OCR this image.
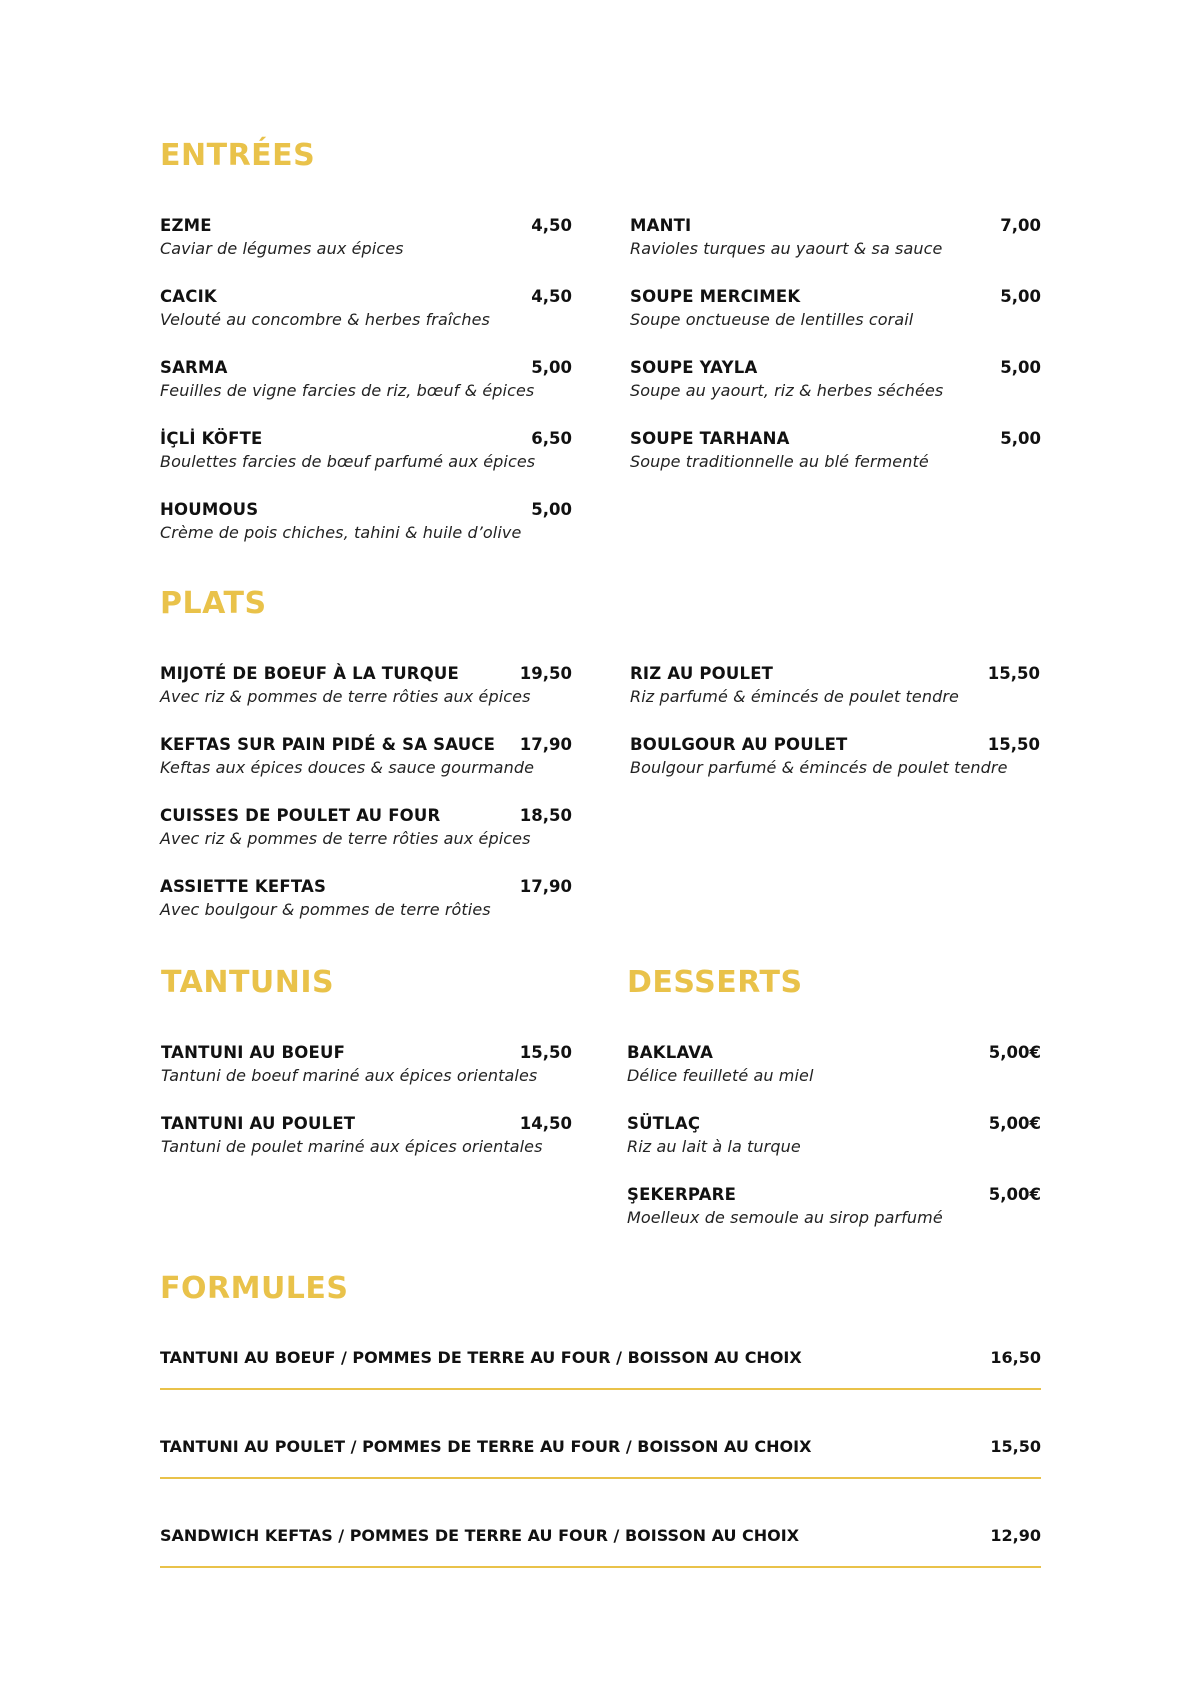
ENTRÉES
EZME	4,50
Caviar de légumes aux épices
CACIK	4,50
Velouté au concombre & herbes fraîches
SARMA	5,00
Feuilles de vigne farcies de riz, bœuf & épices
İÇLİ KÖFTE	6,50
Boulettes farcies de bœuf parfumé aux épices
HOUMOUS	5,00
Crème de pois chiches, tahini & huile d’olive
MANTI	7,00
Ravioles turques au yaourt & sa sauce
SOUPE MERCIMEK	5,00
Soupe onctueuse de lentilles corail
SOUPE YAYLA	5,00
Soupe au yaourt, riz & herbes séchées
SOUPE TARHANA	5,00
Soupe traditionnelle au blé fermenté
PLATS
MIJOTÉ DE BOEUF À LA TURQUE	19,50
Avec riz & pommes de terre rôties aux épices
KEFTAS SUR PAIN PIDÉ & SA SAUCE 17,90
Keftas aux épices douces & sauce gourmande
CUISSES DE POULET AU FOUR	18,50
Avec riz & pommes de terre rôties aux épices
ASSIETTE KEFTAS	17,90
Avec boulgour & pommes de terre rôties
RIZ AU POULET	15,50
Riz parfumé & émincés de poulet tendre
BOULGOUR AU POULET	15,50
Boulgour parfumé & émincés de poulet tendre
TANTUNIS
TANTUNI AU BOEUF	15,50
Tantuni de boeuf mariné aux épices orientales
TANTUNI AU POULET	14,50
Tantuni de poulet mariné aux épices orientales
DESSERTS
BAKLAVA	5,00€
Délice feuilleté au miel
SÜTLAÇ	5,00€
Riz au lait à la turque
ŞEKERPARE	5,00€
Moelleux de semoule au sirop parfumé
FORMULES
TANTUNI AU BOEUF / POMMES DE TERRE AU FOUR / BOISSON AU CHOIX	16,50
TANTUNI AU POULET / POMMES DE TERRE AU FOUR / BOISSON AU CHOIX	15,50
SANDWICH KEFTAS / POMMES DE TERRE AU FOUR / BOISSON AU CHOIX	12,90
